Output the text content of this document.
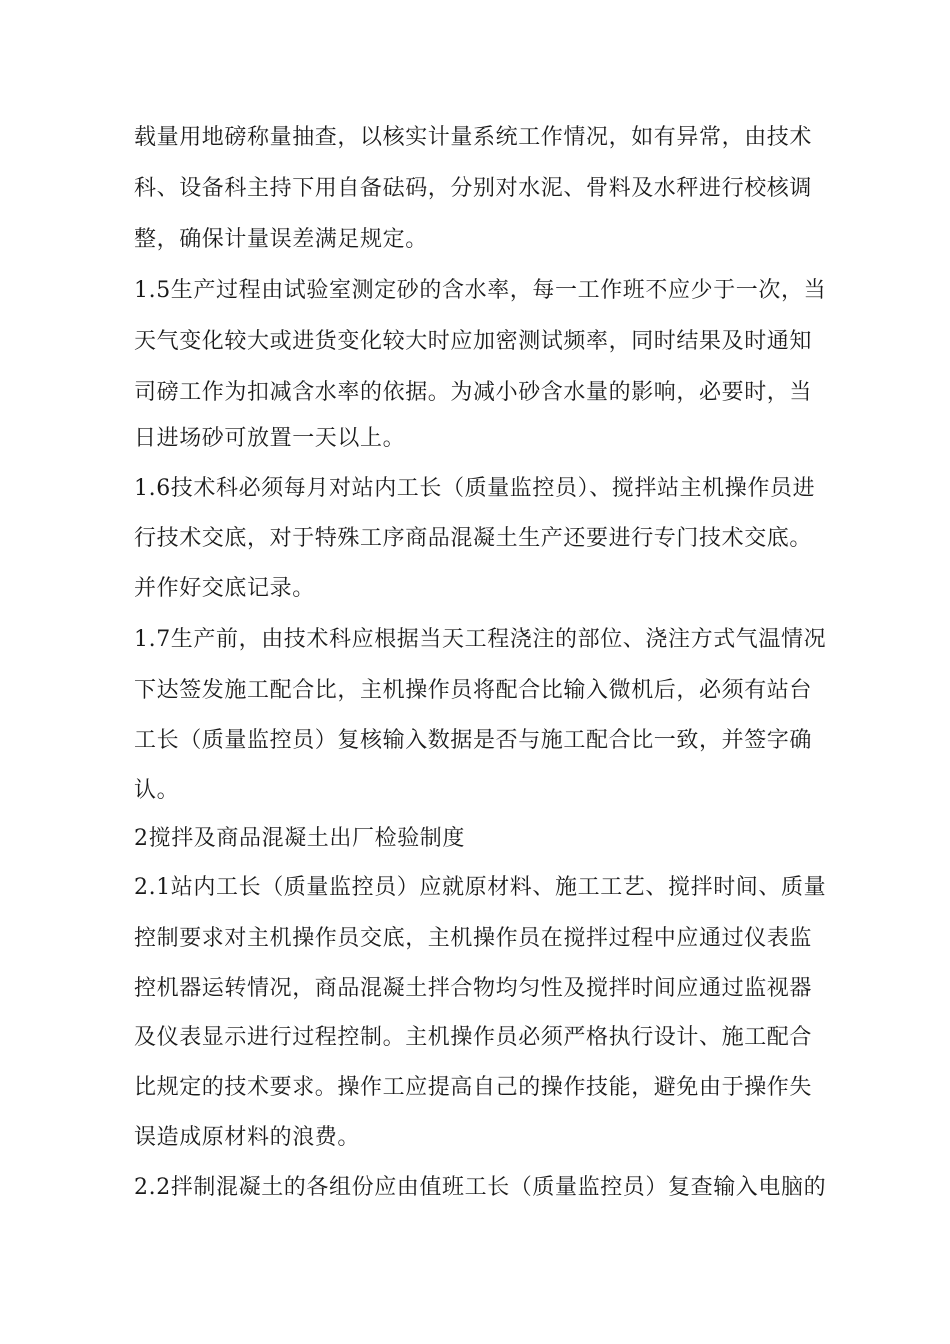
载量用地磅称量抽查，以核实计量系统工作情况，如有异常，由技术
科、设备科主持下用自备砝码，分别对水泥、骨料及水秤进行校核调
整，确保计量误差满足规定。
1.5生产过程由试验室测定砂的含水率，每一工作班不应少于一次，当
天气变化较大或进货变化较大时应加密测试频率，同时结果及时通知
司磅工作为扣减含水率的依据。为减小砂含水量的影响，必要时，当
日进场砂可放置一天以上。
1.6技术科必须每月对站内工长（质量监控员）、搅拌站主机操作员进
行技术交底，对于特殊工序商品混凝土生产还要进行专门技术交底。
并作好交底记录。
1.7生产前，由技术科应根据当天工程浇注的部位、浇注方式气温情况
下达签发施工配合比，主机操作员将配合比输入微机后，必须有站台
工长（质量监控员）复核输入数据是否与施工配合比一致，并签字确
认。
2搅拌及商品混凝土出厂检验制度
2.1站内工长（质量监控员）应就原材料、施工工艺、搅拌时间、质量
控制要求对主机操作员交底，主机操作员在搅拌过程中应通过仪表监
控机器运转情况，商品混凝土拌合物均匀性及搅拌时间应通过监视器
及仪表显示进行过程控制。主机操作员必须严格执行设计、施工配合
比规定的技术要求。操作工应提高自己的操作技能，避免由于操作失
误造成原材料的浪费。
2.2拌制混凝土的各组份应由值班工长（质量监控员）复查输入电脑的
